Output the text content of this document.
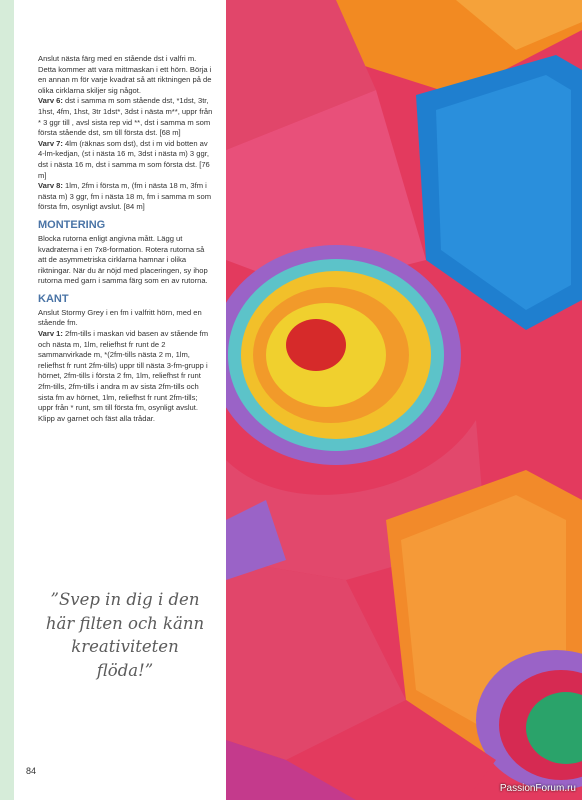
Anslut nästa färg med en stående dst i valfri m. Detta kommer att vara mittmaskan i ett hörn. Börja i en annan m för varje kvadrat så att riktningen på de olika cirklarna skiljer sig något.

Varv 6: dst i samma m som stående dst, *1dst, 3tr, 1hst, 4fm, 1hst, 3tr 1dst*, 3dst i nästa m**, uppr från * 3 ggr till , avsl sista rep vid **, dst i samma m som första stående dst, sm till första dst. [68 m]

Varv 7: 4lm (räknas som dst), dst i m vid botten av 4-lm-kedjan, (st i nästa 16 m, 3dst i nästa m) 3 ggr, dst i nästa 16 m, dst i samma m som första dst. [76 m]

Varv 8: 1lm, 2fm i första m, (fm i nästa 18 m, 3fm i nästa m) 3 ggr, fm i nästa 18 m, fm i samma m som första fm, osynligt avslut. [84 m]

MONTERING

Blocka rutorna enligt angivna mått. Lägg ut kvadraterna i en 7x8-formation. Rotera rutorna så att de asymmetriska cirklarna hamnar i olika riktningar. När du är nöjd med placeringen, sy ihop rutorna med garn i samma färg som en av rutorna.

KANT

Anslut Stormy Grey i en fm i valfritt hörn, med en stående fm.

Varv 1: 2fm-tills i maskan vid basen av stående fm och nästa m, 1lm, reliefhst fr runt de 2 sammanvirkade m, *(2fm-tills nästa 2 m, 1lm, reliefhst fr runt 2fm-tills) uppr till nästa 3-fm-grupp i hörnet, 2fm-tills i första 2 fm, 1lm, reliefhst fr runt 2fm-tills, 2fm-tills i andra m av sista 2fm-tills och sista fm av hörnet, 1lm, reliefhst fr runt 2fm-tills; uppr från * runt, sm till första fm, osynligt avslut. Klipp av garnet och fäst alla trådar.

”Svep in dig i den här filten och känn kreativiteten flöda!”
84
PassionForum.ru
